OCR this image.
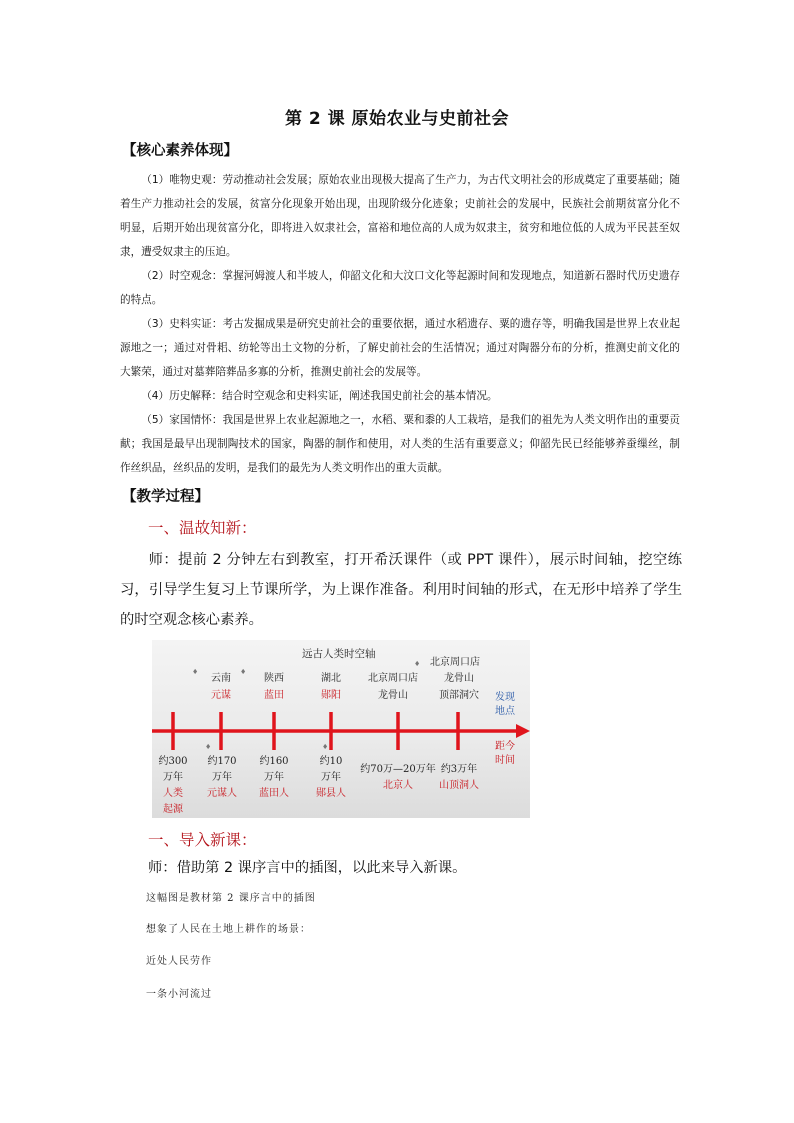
第 2 课 原始农业与史前社会
【核心素养体现】

（1）唯物史观：劳动推动社会发展；原始农业出现极大提高了生产力，为古代文明社会的形成奠定了重要基础；随着生产力推动社会的发展，贫富分化现象开始出现，出现阶级分化迹象；史前社会的发展中，民族社会前期贫富分化不明显，后期开始出现贫富分化，即将进入奴隶社会，富裕和地位高的人成为奴隶主，贫穷和地位低的人成为平民甚至奴隶，遭受奴隶主的压迫。

（2）时空观念：掌握河姆渡人和半坡人，仰韶文化和大汶口文化等起源时间和发现地点，知道新石器时代历史遗存的特点。

（3）史料实证：考古发掘成果是研究史前社会的重要依据，通过水稻遗存、粟的遗存等，明确我国是世界上农业起源地之一；通过对骨耜、纺轮等出土文物的分析，了解史前社会的生活情况；通过对陶器分布的分析，推测史前文化的大繁荣，通过对墓葬陪葬品多寡的分析，推测史前社会的发展等。

（4）历史解释：结合时空观念和史料实证，阐述我国史前社会的基本情况。

（5）家国情怀：我国是世界上农业起源地之一，水稻、粟和黍的人工栽培，是我们的祖先为人类文明作出的重要贡献；我国是最早出现制陶技术的国家，陶器的制作和使用，对人类的生活有重要意义；仰韶先民已经能够养蚕缫丝，制作丝织品，丝织品的发明，是我们的最先为人类文明作出的重大贡献。

【教学过程】
一、温故知新：

师：提前 2 分钟左右到教室，打开希沃课件（或 PPT 课件），展示时间轴，挖空练习，引导学生复习上节课所学，为上课作准备。利用时间轴的形式，在无形中培养了学生的时空观念核心素养。

远古人类时空轴
♦	♦
♦
♦	♦
北京周口店
云南
元谋
陕西
蓝田
湖北
郧阳
北京周口店
龙骨山
龙骨山
顶部洞穴	发现
地点
距今
时间
约300
万年
人类
起源
约170
万年
元谋人
约160
万年
蓝田人
约10
万年
郧县人
约70万—20万年
北京人
约3万年
山顶洞人
一、导入新课：
师：借助第 2 课序言中的插图，以此来导入新课。
这幅图是教材第 2 课序言中的插图
想象了人民在土地上耕作的场景：
近处人民劳作
一条小河流过
